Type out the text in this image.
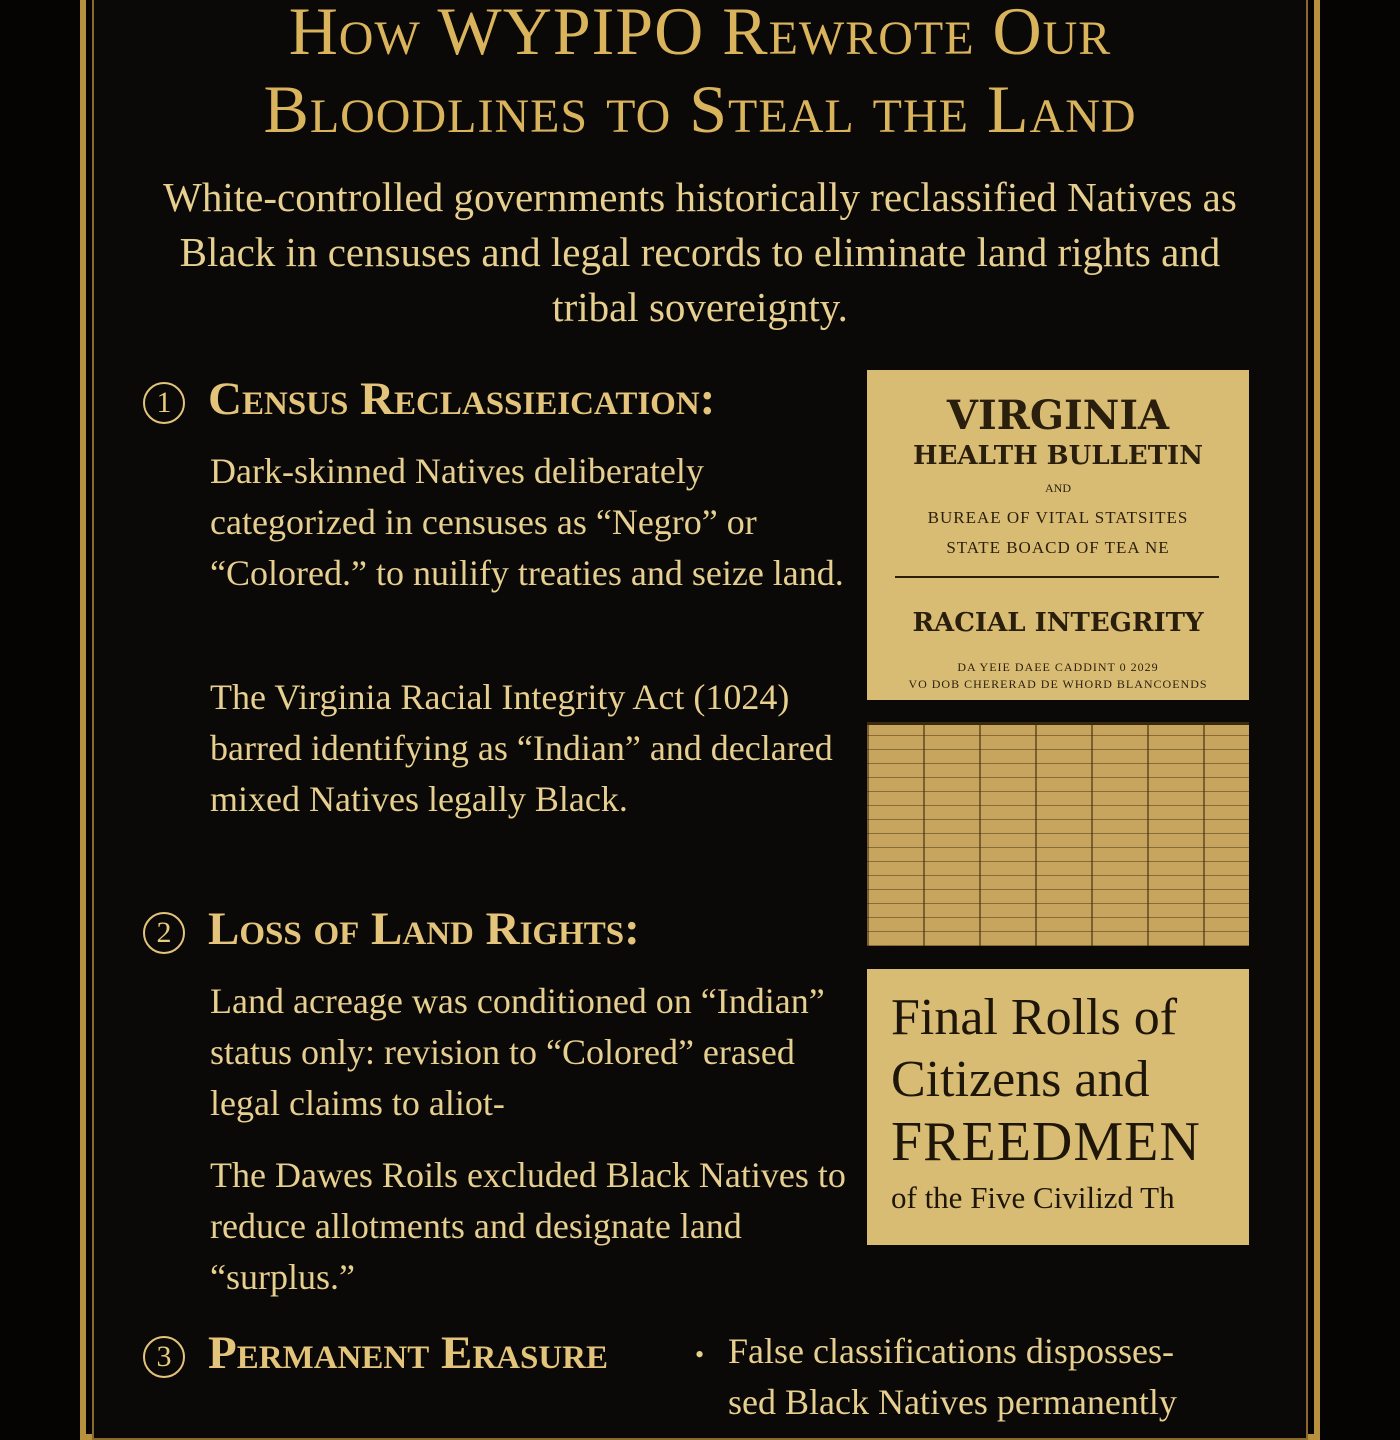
How WYPIPO Rewrote Our
Bloodlines to Steal the Land

White-controlled governments historically reclassified Natives as Black in censuses and legal records to eliminate land rights and tribal sovereignty.

1 Census Reclassieication:

Dark-skinned Natives deliberately categorized in censuses as “Negro” or “Colored.” to nuilify treaties and seize land.

The Virginia Racial Integrity Act (1024) barred identifying as “Indian” and declared mixed Natives legally Black.

2 Loss of Land Rights:

Land acreage was conditioned on “Indian” status only: revision to “Colored” erased legal claims to aliot-

The Dawes Roils excluded Black Natives to reduce allotments and designate land “surplus.”

3 Permanent Erasure	• False classifications disposses-

sed Black Natives permanently

VIRGINIA
HEALTH BULLETIN
AND
BUREAE OF VITAL STATSITES
STATE BOACD OF TEA NE
RACIAL INTEGRITY
DA YEIE DAEE CADDINT 0 2029
VO DOB CHERERAD DE WHORD BLANCOENDS
Final Rolls of
Citizens and
FREEDMEN
of the Five Civilizd Th
